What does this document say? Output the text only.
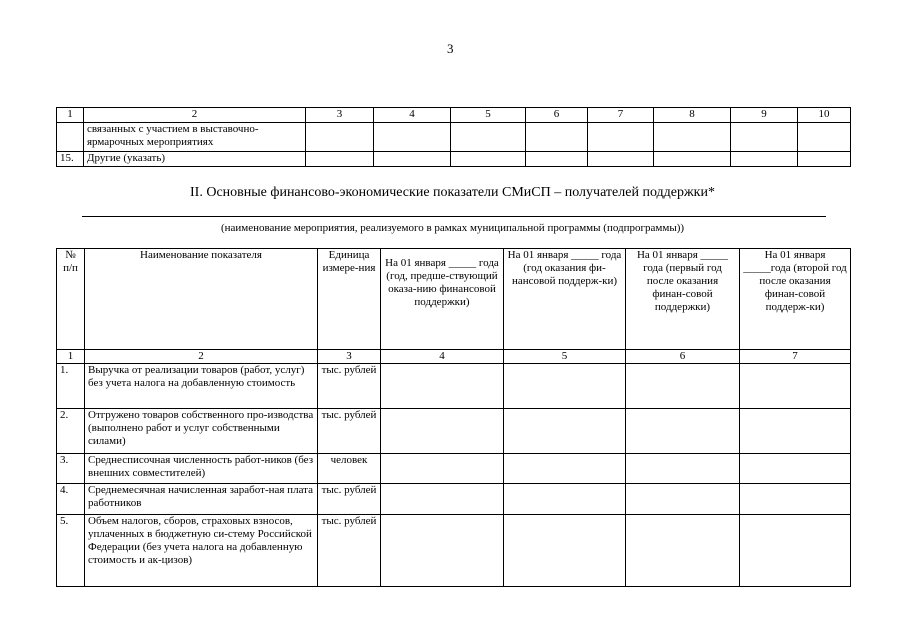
3
1	2	3	4	5	6	7	8	9	10
	связанных с участием в выставочно-ярмарочных мероприятиях								
15.	Другие (указать)								
II. Основные финансово-экономические показатели СМиСП – получателей поддержки*
(наименование мероприятия, реализуемого в рамках муниципальной программы (подпрограммы))
№ п/п	Наименование показателя	Единица измере-ния	На 01 января _____ года (год, предше-ствующий оказа-нию финансовой поддержки)	На 01 января _____ года (год оказания фи-нансовой поддерж-ки)	На 01 января _____ года (первый год после оказания финан-совой поддержки)	На 01 января _____года (второй год после оказания финан-совой поддерж-ки)
1	2	3	4	5	6	7
1.	Выручка от реализации товаров (работ, услуг) без учета налога на добавленную стоимость	тыс. рублей				
2.	Отгружено товаров собственного про-изводства (выполнено работ и услуг собственными силами)	тыс. рублей				
3.	Среднесписочная численность работ-ников (без внешних совместителей)	человек				
4.	Среднемесячная начисленная заработ-ная плата работников	тыс. рублей				
5.	Объем налогов, сборов, страховых взносов, уплаченных в бюджетную си-стему Российской Федерации (без учета налога на добавленную стоимость и ак-цизов)	тыс. рублей				
